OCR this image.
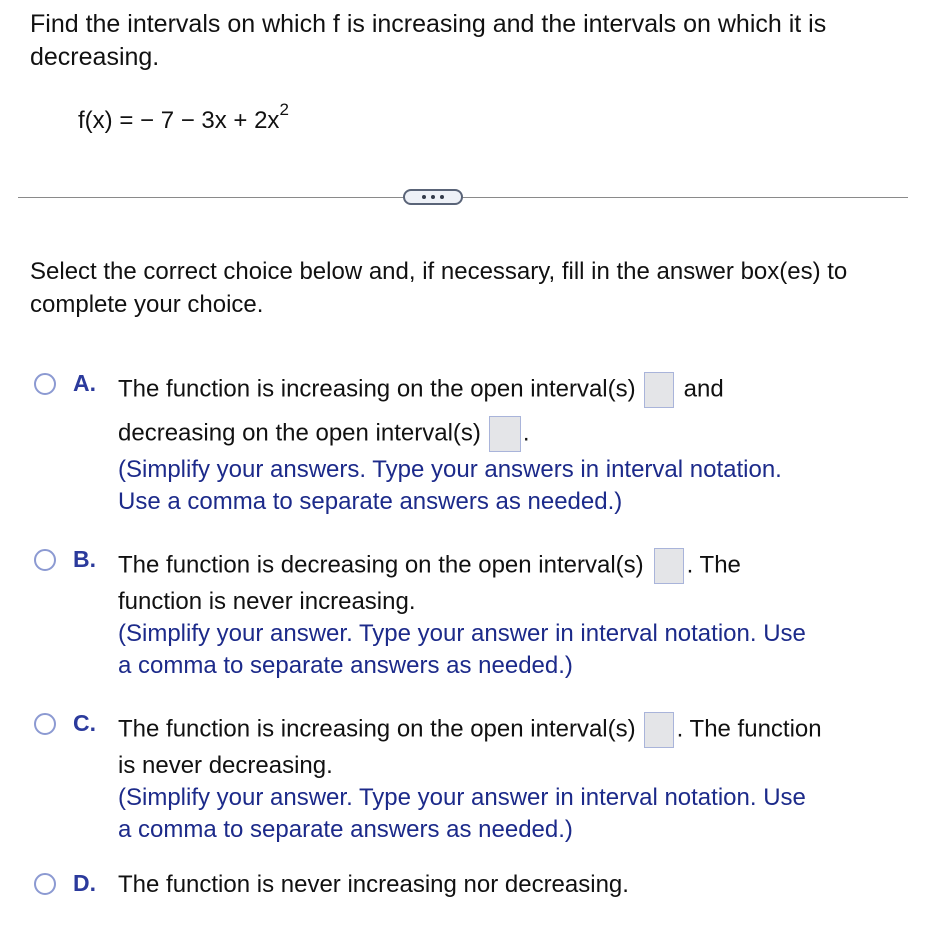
Find the intervals on which f is increasing and the intervals on which it is decreasing.
f(x) = − $7 - 3x + 2x^2$
Select the correct choice below and, if necessary, fill in the answer box(es) to complete your choice.
A. The function is increasing on the open interval(s) and
decreasing on the open interval(s) .
(Simplify your answers. Type your answers in interval notation.
Use a comma to separate answers as needed.)
B. The function is decreasing on the open interval(s) . The
function is never increasing.
(Simplify your answer. Type your answer in interval notation. Use
a comma to separate answers as needed.)
C. The function is increasing on the open interval(s) . The function
is never decreasing.
(Simplify your answer. Type your answer in interval notation. Use
a comma to separate answers as needed.)
D. The function is never increasing nor decreasing.
